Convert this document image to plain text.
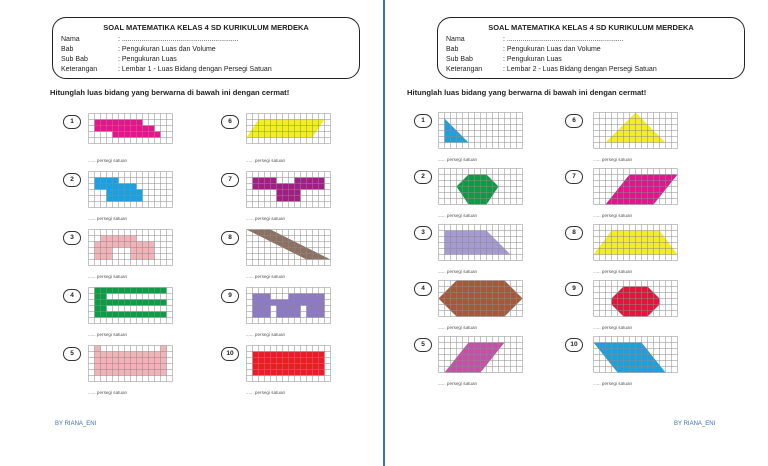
SOAL MATEMATIKA KELAS 4 SD KURIKULUM MERDEKA
Nama	: ............................................................
Bab	: Pengukuran Luas dan Volume
Sub Bab	: Pengukuran Luas
Keterangan	: Lembar 1 - Luas Bidang dengan Persegi Satuan
Hitunglah luas bidang yang berwarna di bawah ini dengan cermat!
1
...... persegi satuan
2
...... persegi satuan
3
...... persegi satuan
4
...... persegi satuan
5
...... persegi satuan
6
...... persegi satuan
7
...... persegi satuan
8
...... persegi satuan
9
...... persegi satuan
10
...... persegi satuan
BY RIANA_ENI
SOAL MATEMATIKA KELAS 4 SD KURIKULUM MERDEKA
Nama	: ............................................................
Bab	: Pengukuran Luas dan Volume
Sub Bab	: Pengukuran Luas
Keterangan	: Lembar 2 - Luas Bidang dengan Persegi Satuan
Hitunglah luas bidang yang berwarna di bawah ini dengan cermat!
1
...... persegi satuan
2
...... persegi satuan
3
...... persegi satuan
4
...... persegi satuan
5
...... persegi satuan
6
...... persegi satuan
7
...... persegi satuan
8
...... persegi satuan
9
...... persegi satuan
10
...... persegi satuan
BY RIANA_ENI
